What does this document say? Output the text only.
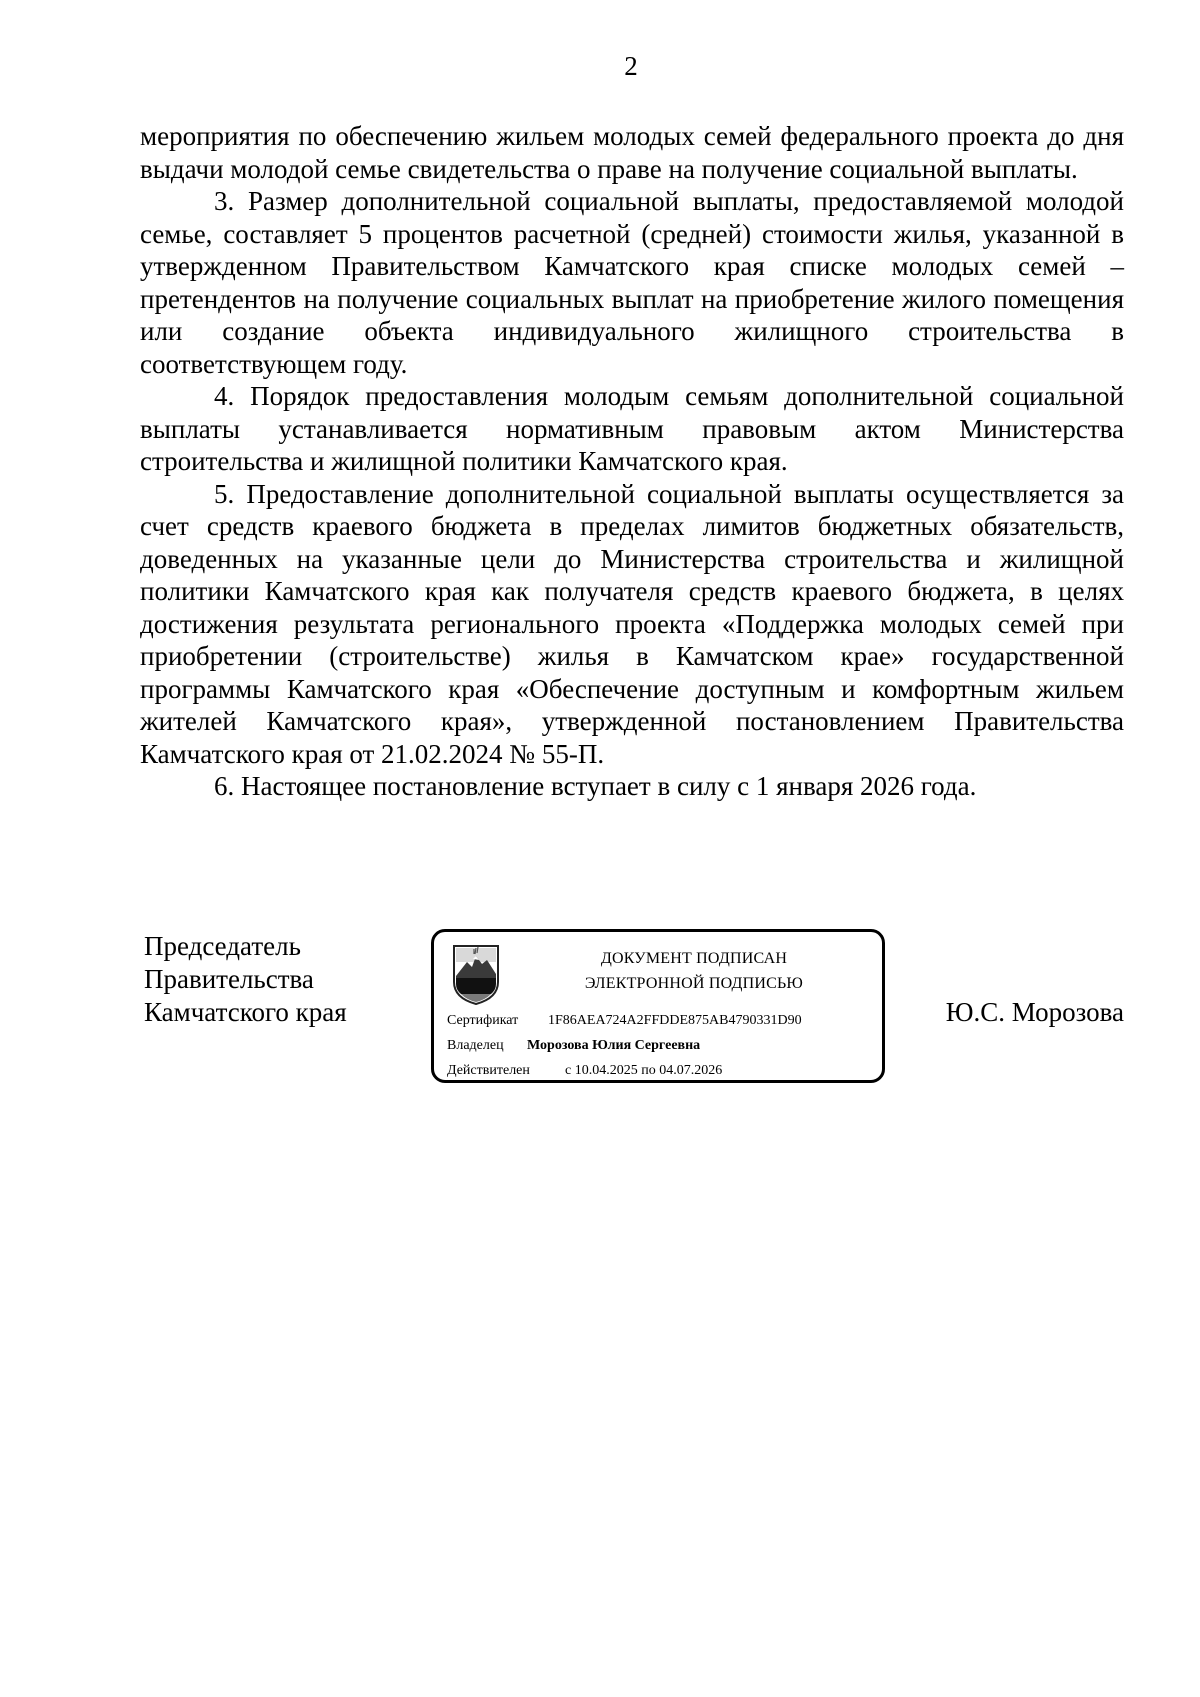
2

мероприятия по обеспечению жильем молодых семей федерального проекта до дня выдачи молодой семье свидетельства о праве на получение социальной выплаты.

3. Размер дополнительной социальной выплаты, предоставляемой молодой семье, составляет 5 процентов расчетной (средней) стоимости жилья, указанной в утвержденном Правительством Камчатского края списке молодых семей – претендентов на получение социальных выплат на приобретение жилого помещения или создание объекта индивидуального жилищного строительства в соответствующем году.

4. Порядок предоставления молодым семьям дополнительной социальной выплаты устанавливается нормативным правовым актом Министерства строительства и жилищной политики Камчатского края.

5. Предоставление дополнительной социальной выплаты осуществляется за счет средств краевого бюджета в пределах лимитов бюджетных обязательств, доведенных на указанные цели до Министерства строительства и жилищной политики Камчатского края как получателя средств краевого бюджета, в целях достижения результата регионального проекта «Поддержка молодых семей при приобретении (строительстве) жилья в Камчатском крае» государственной программы Камчатского края «Обеспечение доступным и комфортным жильем жителей Камчатского края», утвержденной постановлением Правительства Камчатского края от 21.02.2024 № 55-П.

6. Настоящее постановление вступает в силу с 1 января 2026 года.

Председатель
Правительства
Камчатского края
ДОКУМЕНТ ПОДПИСАН
ЭЛЕКТРОННОЙ ПОДПИСЬЮ
Сертификат 1F86AEA724A2FFDDE875AB4790331D90
Владелец Морозова Юлия Сергеевна
Действителен	с 10.04.2025 по 04.07.2026
Ю.С. Морозова
